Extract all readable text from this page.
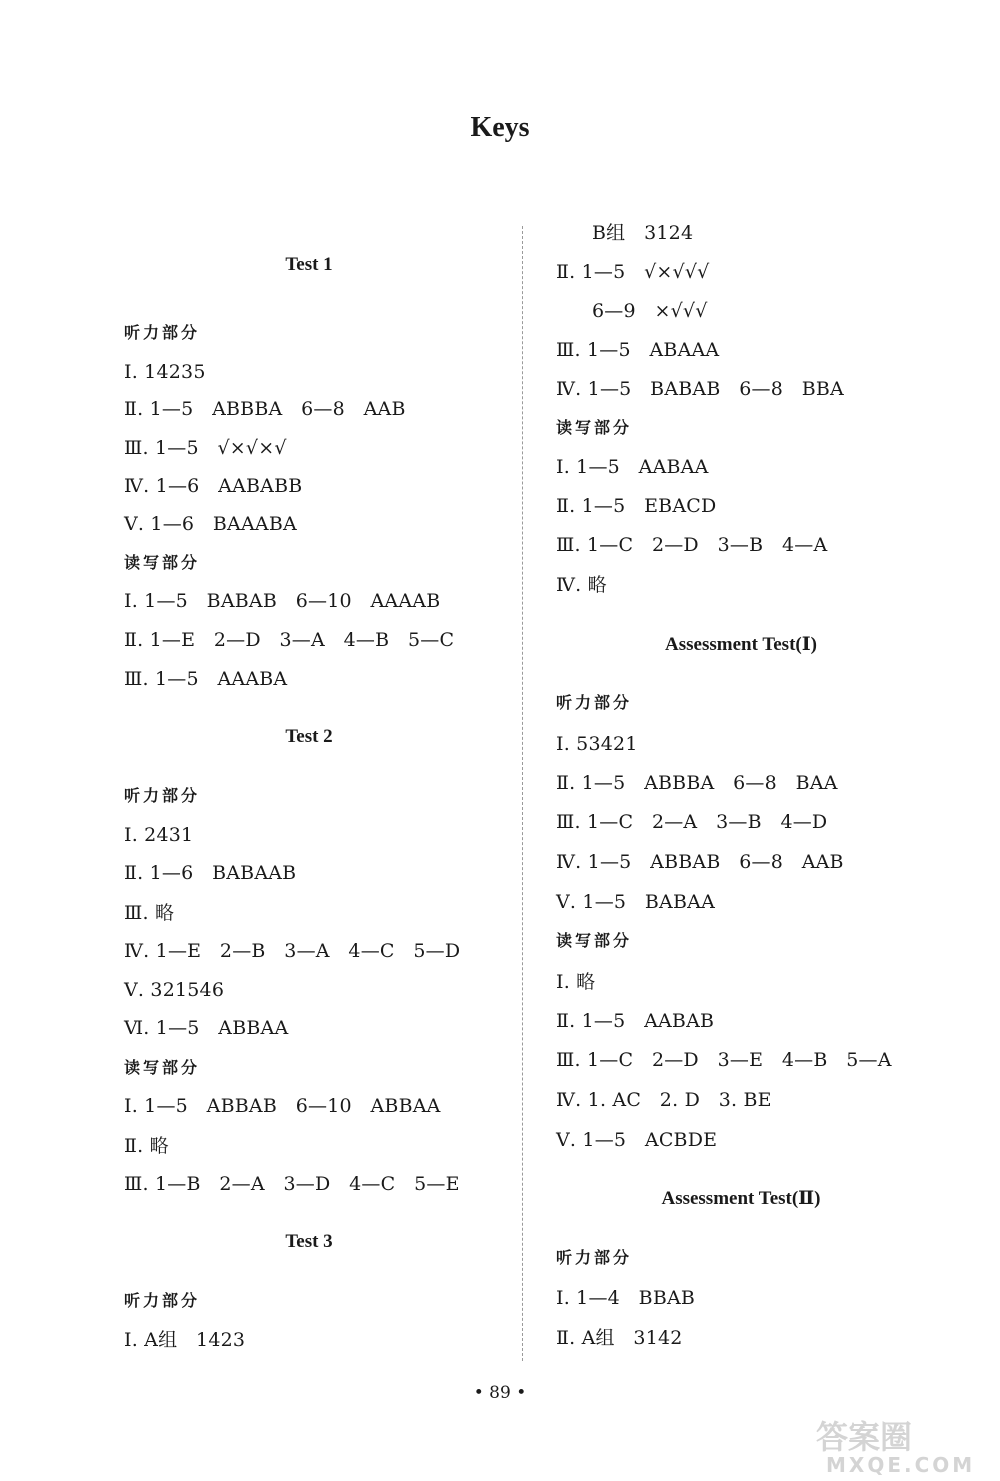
Keys
Test 1
听力部分
Ⅰ. 14235
Ⅱ. 1—5   ABBBA   6—8   AAB
Ⅲ. 1—5   √×√×√
Ⅳ. 1—6   AABABB
Ⅴ. 1—6   BAAABA
读写部分
Ⅰ. 1—5   BABAB   6—10   AAAAB
Ⅱ. 1—E   2—D   3—A   4—B   5—C
Ⅲ. 1—5   AAABA
Test 2
听力部分
Ⅰ. 2431
Ⅱ. 1—6   BABAAB
Ⅲ. 略
Ⅳ. 1—E   2—B   3—A   4—C   5—D
Ⅴ. 321546
Ⅵ. 1—5   ABBAA
读写部分
Ⅰ. 1—5   ABBAB   6—10   ABBAA
Ⅱ. 略
Ⅲ. 1—B   2—A   3—D   4—C   5—E
Test 3
听力部分
Ⅰ. A组   1423
B组   3124
Ⅱ. 1—5   √×√√√
6—9   ×√√√
Ⅲ. 1—5   ABAAA
Ⅳ. 1—5   BABAB   6—8   BBA
读写部分
Ⅰ. 1—5   AABAA
Ⅱ. 1—5   EBACD
Ⅲ. 1—C   2—D   3—B   4—A
Ⅳ. 略
Assessment Test(Ⅰ)
听力部分
Ⅰ. 53421
Ⅱ. 1—5   ABBBA   6—8   BAA
Ⅲ. 1—C   2—A   3—B   4—D
Ⅳ. 1—5   ABBAB   6—8   AAB
Ⅴ. 1—5   BABAA
读写部分
Ⅰ. 略
Ⅱ. 1—5   AABAB
Ⅲ. 1—C   2—D   3—E   4—B   5—A
Ⅳ. 1. AC   2. D   3. BE
Ⅴ. 1—5   ACBDE
Assessment Test(Ⅱ)
听力部分
Ⅰ. 1—4   BBAB
Ⅱ. A组   3142
• 89 •
答案圈
MXQE.COM
